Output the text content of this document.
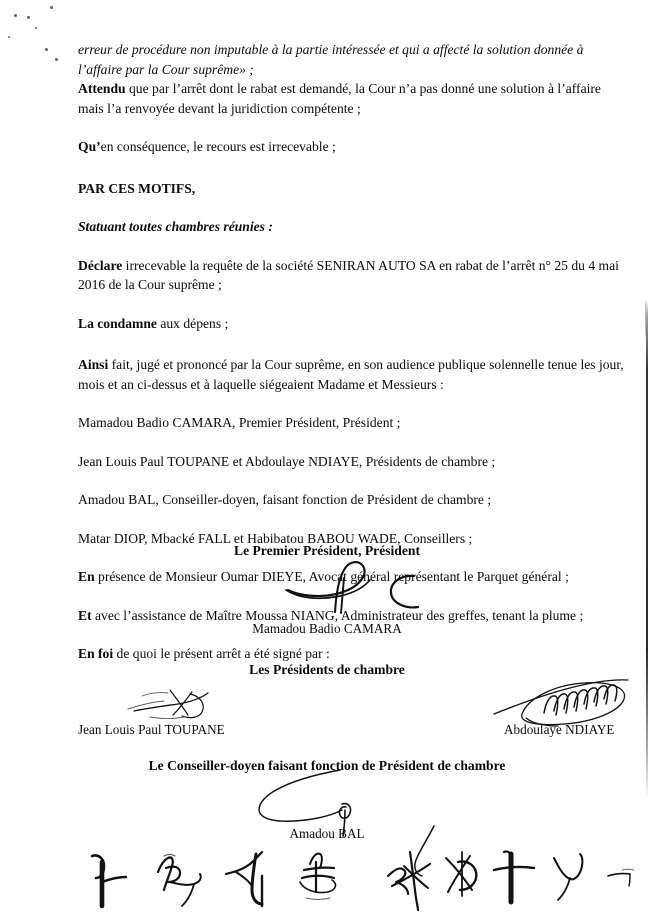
erreur de procédure non imputable à la partie intéressée et qui a affecté la solution donnée à l’affaire par la Cour suprême» ;

Attendu que par l’arrêt dont le rabat est demandé, la Cour n’a pas donné une solution à l’affaire mais l’a renvoyée devant la juridiction compétente ;

Qu’en conséquence, le recours est irrecevable ;

PAR CES MOTIFS,

Statuant toutes chambres réunies :

Déclare irrecevable la requête de la société SENIRAN AUTO SA en rabat de l’arrêt n° 25 du 4 mai 2016 de la Cour suprême ;

La condamne aux dépens ;

Ainsi fait, jugé et prononcé par la Cour suprême, en son audience publique solennelle tenue les jour, mois et an ci-dessus et à laquelle siégeaient Madame et Messieurs :

Mamadou Badio CAMARA, Premier Président, Président ;

Jean Louis Paul TOUPANE et Abdoulaye NDIAYE, Présidents de chambre ;

Amadou BAL, Conseiller-doyen, faisant fonction de Président de chambre ;

Matar DIOP, Mbacké FALL et Habibatou BABOU WADE, Conseillers ;

En présence de Monsieur Oumar DIEYE, Avocat général représentant le Parquet général ;

Et avec l’assistance de Maître Moussa NIANG, Administrateur des greffes, tenant la plume ;

En foi de quoi le présent arrêt a été signé par :

Le Premier Président, Président
Mamadou Badio CAMARA
Les Présidents de chambre
Jean Louis Paul TOUPANE	Abdoulaye NDIAYE
Le Conseiller-doyen faisant fonction de Président de chambre
Amadou BAL
